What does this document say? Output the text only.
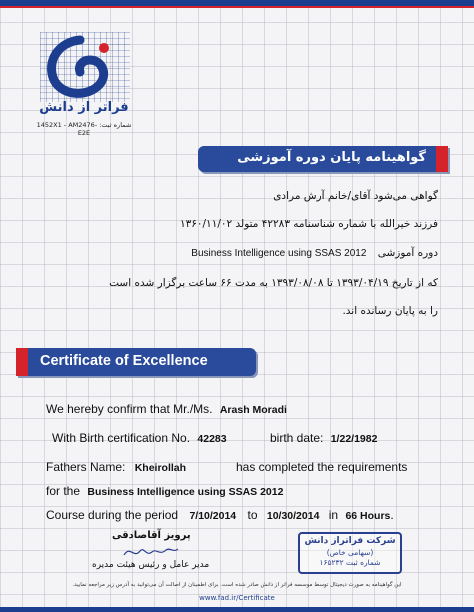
فراتر از دانش
شماره ثبت: 1452X1 - AM2476-E2E
گواهینامه پایان دوره آموزشی
گواهی می‌شود آقای/خانم آرش مرادی
فرزند خیرالله با شماره شناسنامه ۴۲۲۸۳ متولد ۱۳۶۰/۱۱/۰۲
دوره آموزشی Business Intelligence using SSAS 2012
که از تاریخ ۱۳۹۳/۰۴/۱۹ تا ۱۳۹۳/۰۸/۰۸ به مدت ۶۶ ساعت برگزار شده است
را به پایان رسانده اند.
Certificate of Excellence
We hereby confirm that Mr./Ms. Arash Moradi
With Birth certification No. 42283	birth date: 1/22/1982
Fathers Name: Kheirollah	has completed the requirements
for the Business Intelligence using SSAS 2012
Course during the period 7/10/2014 to 10/30/2014 in 66 Hours.
پرویز آقاصادقی
مدیر عامل و رئیس هیئت مدیره
شرکت فراتراز دانش
(سهامی خاص)
شماره ثبت ۱۶۵۲۳۲
این گواهینامه به صورت دیجیتال توسط موسسه فراتر از دانش صادر شده است. برای اطمینان از اصالت آن می‌توانید به آدرس زیر مراجعه نمایید.
www.fad.ir/Certificate
